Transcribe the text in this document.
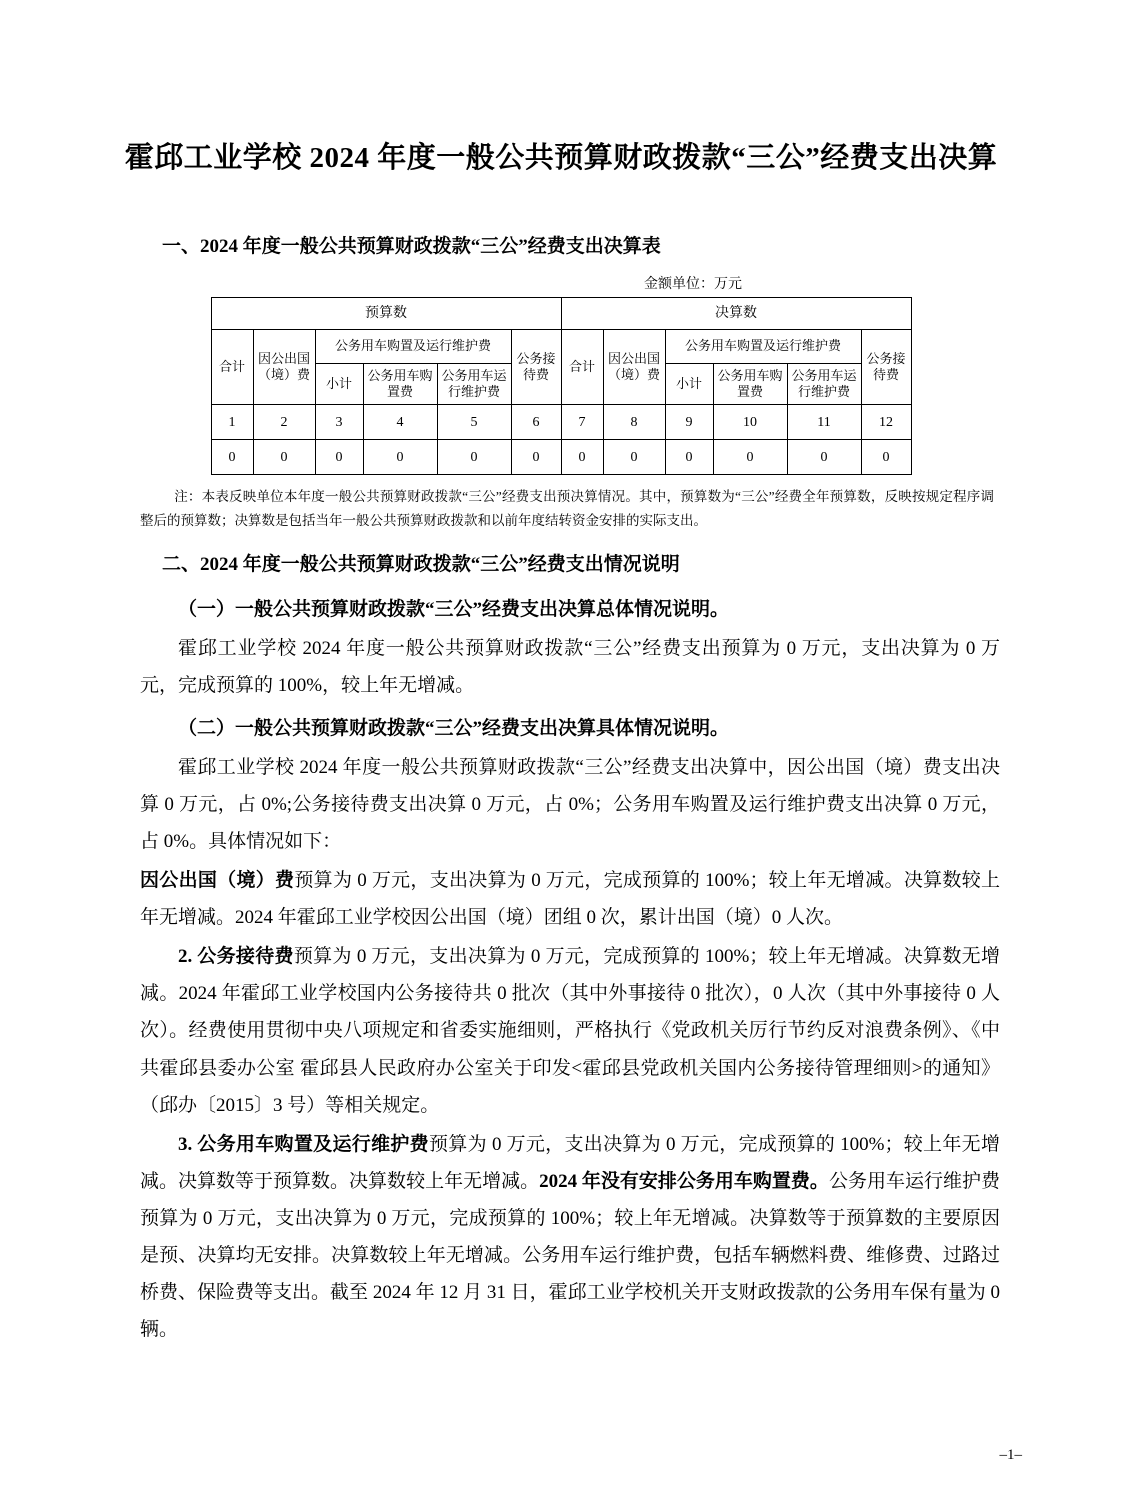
霍邱工业学校 2024 年度一般公共预算财政拨款“三公”经费支出决算
一、2024 年度一般公共预算财政拨款“三公”经费支出决算表
金额单位：万元
预算数						决算数					
合计	因公出国（境）费	公务用车购置及运行维护费			公务接待费	合计	因公出国（境）费	公务用车购置及运行维护费			公务接待费
		小计	公务用车购置费	公务用车运行维护费				小计	公务用车购置费	公务用车运行维护费	
1	2	3	4	5	6	7	8	9	10	11	12
0	0	0	0	0	0	0	0	0	0	0	0
注：本表反映单位本年度一般公共预算财政拨款“三公”经费支出预决算情况。其中，预算数为“三公”经费全年预算数，反映按规定程序调整后的预算数；决算数是包括当年一般公共预算财政拨款和以前年度结转资金安排的实际支出。
二、2024 年度一般公共预算财政拨款“三公”经费支出情况说明

（一）一般公共预算财政拨款“三公”经费支出决算总体情况说明。

霍邱工业学校 2024 年度一般公共预算财政拨款“三公”经费支出预算为 0 万元，支出决算为 0 万元，完成预算的 100%，较上年无增减。

（二）一般公共预算财政拨款“三公”经费支出决算具体情况说明。

霍邱工业学校 2024 年度一般公共预算财政拨款“三公”经费支出决算中，因公出国（境）费支出决算 0 万元，占 0%;公务接待费支出决算 0 万元，占 0%；公务用车购置及运行维护费支出决算 0 万元，占 0%。具体情况如下：

因公出国（境）费预算为 0 万元，支出决算为 0 万元，完成预算的 100%；较上年无增减。决算数较上年无增减。2024 年霍邱工业学校因公出国（境）团组 0 次，累计出国（境）0 人次。

2. 公务接待费预算为 0 万元，支出决算为 0 万元，完成预算的 100%；较上年无增减。决算数无增减。2024 年霍邱工业学校国内公务接待共 0 批次（其中外事接待 0 批次），0 人次（其中外事接待 0 人次）。经费使用贯彻中央八项规定和省委实施细则，严格执行《党政机关厉行节约反对浪费条例》、《中共霍邱县委办公室 霍邱县人民政府办公室关于印发<霍邱县党政机关国内公务接待管理细则>的通知》（邱办〔2015〕3 号）等相关规定。

3. 公务用车购置及运行维护费预算为 0 万元，支出决算为 0 万元，完成预算的 100%；较上年无增减。决算数等于预算数。决算数较上年无增减。2024 年没有安排公务用车购置费。公务用车运行维护费预算为 0 万元，支出决算为 0 万元，完成预算的 100%；较上年无增减。决算数等于预算数的主要原因是预、决算均无安排。决算数较上年无增减。公务用车运行维护费，包括车辆燃料费、维修费、过路过桥费、保险费等支出。截至 2024 年 12 月 31 日，霍邱工业学校机关开支财政拨款的公务用车保有量为 0 辆。

–1–
